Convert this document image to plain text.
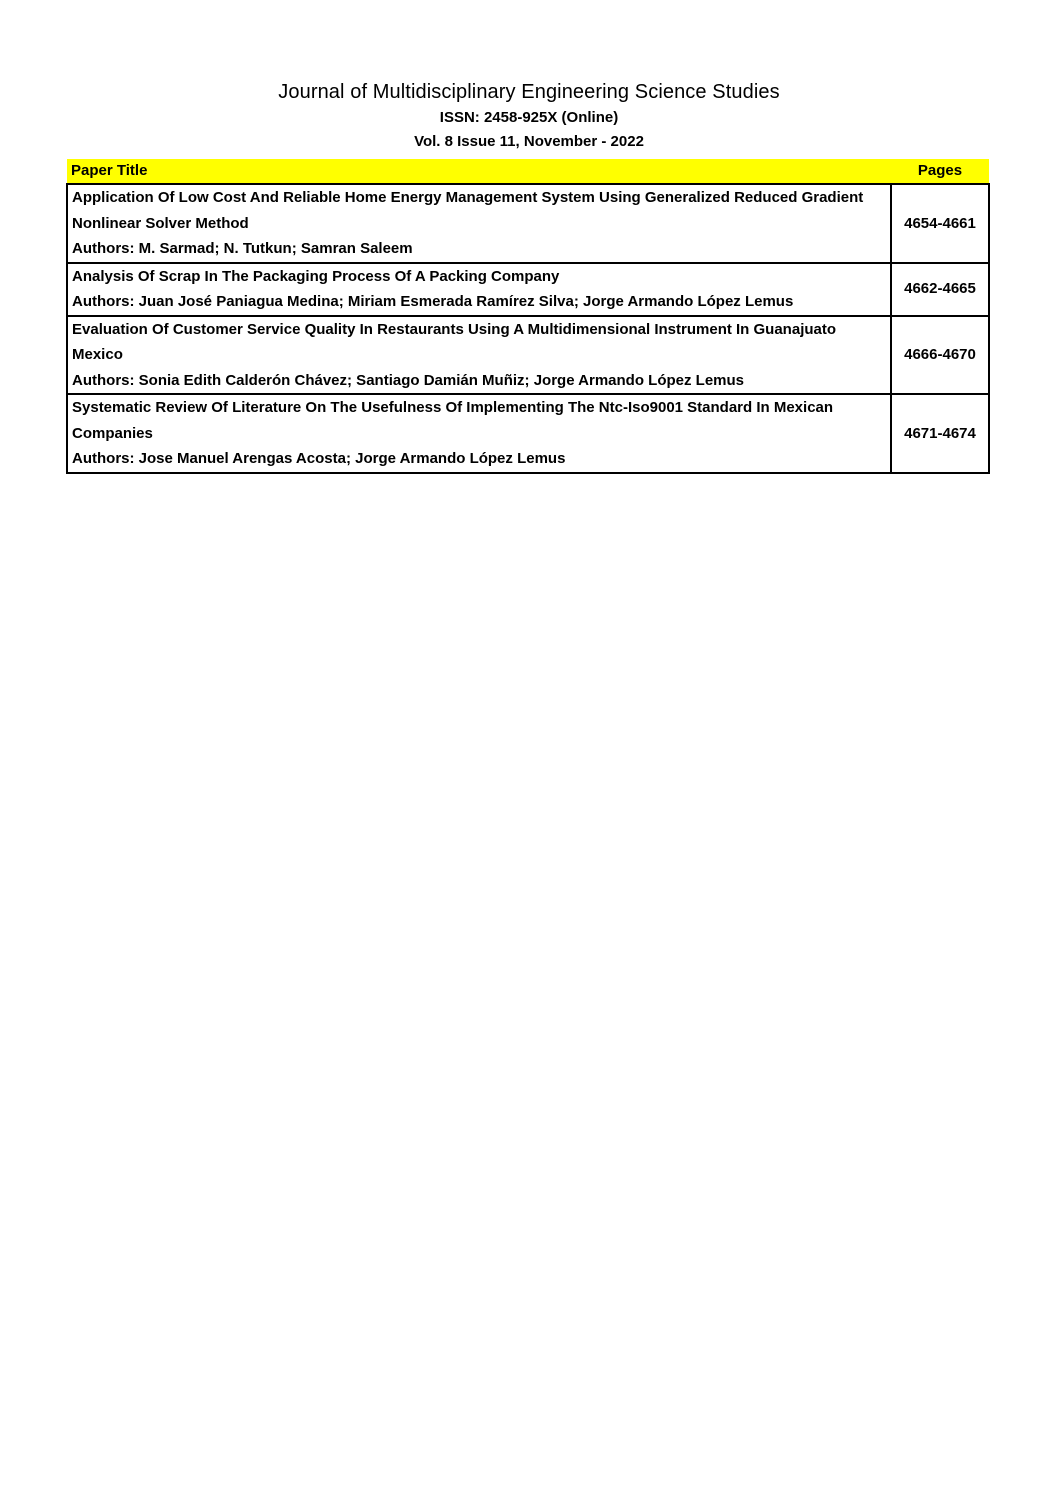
Journal of Multidisciplinary Engineering Science Studies

ISSN: 2458-925X (Online)

Vol. 8 Issue 11, November - 2022

Paper Title	Pages

Application Of Low Cost And Reliable Home Energy Management System Using Generalized Reduced Gradient Nonlinear Solver Method
Authors: M. Sarmad; N. Tutkun; Samran Saleem	4654-4661

Analysis Of Scrap In The Packaging Process Of A Packing Company
Authors: Juan José Paniagua Medina; Miriam Esmerada Ramírez Silva; Jorge Armando López Lemus	4662-4665

Evaluation Of Customer Service Quality In Restaurants Using A Multidimensional Instrument In Guanajuato Mexico
Authors: Sonia Edith Calderón Chávez; Santiago Damián Muñiz; Jorge Armando López Lemus	4666-4670

Systematic Review Of Literature On The Usefulness Of Implementing The Ntc-Iso9001 Standard In Mexican Companies
Authors: Jose Manuel Arengas Acosta; Jorge Armando López Lemus	4671-4674
